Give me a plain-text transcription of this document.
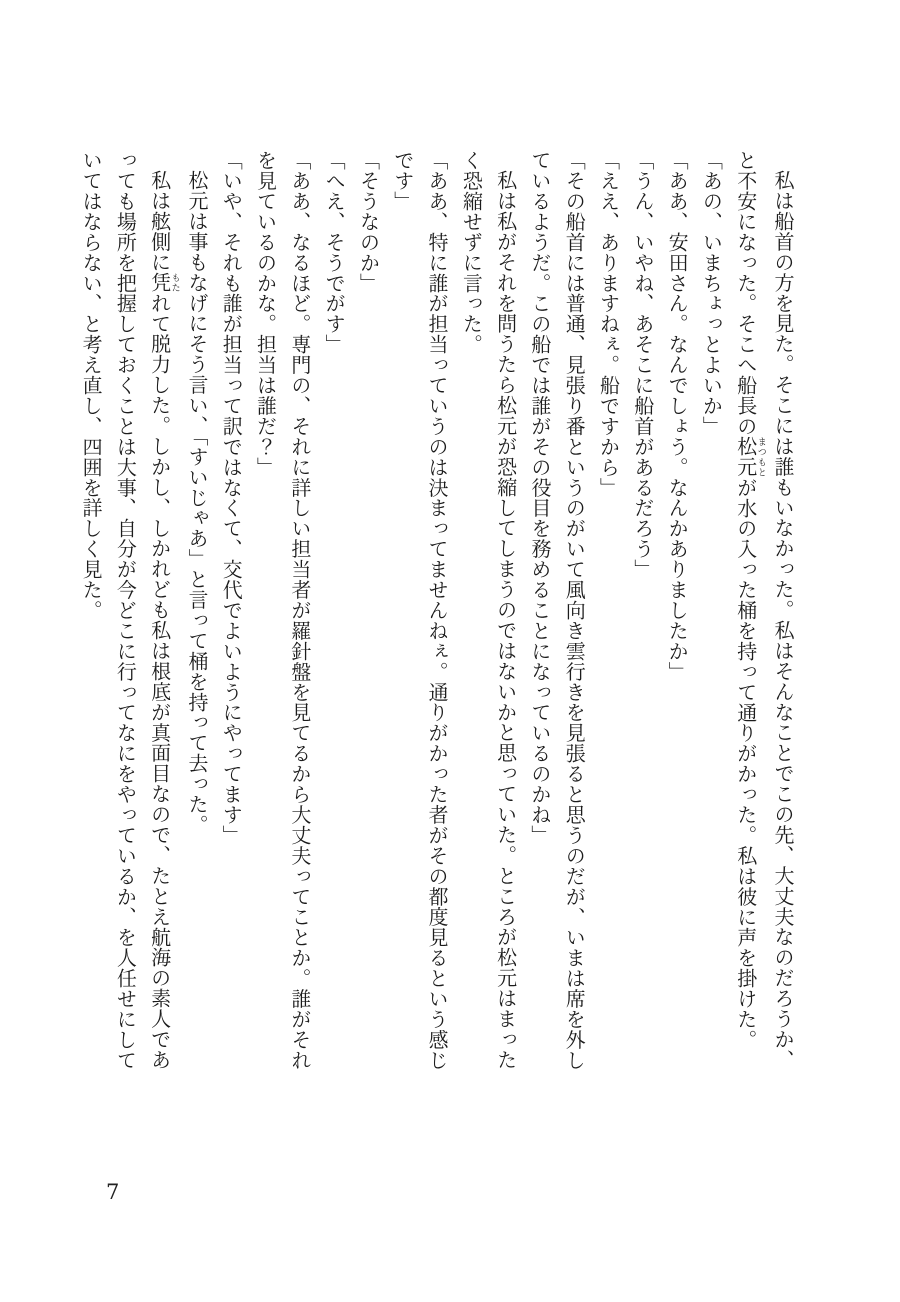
私は船首の方を見た。そこには誰もいなかった。私はそんなことでこの先、大丈夫なのだろうか、
と不安になった。そこへ船長の松元まつもとが水の入った桶を持って通りがかった。私は彼に声を掛けた。
「あの、いまちょっとよいか」
「ああ、安田さん。なんでしょう。なんかありましたか」
「うん、いやね、あそこに船首があるだろう」
「ええ、ありますねぇ。船ですから」
「その船首には普通、見張り番というのがいて風向き雲行きを見張ると思うのだが、いまは席を外し
ているようだ。この船では誰がその役目を務めることになっているのかね」
私は私がそれを問うたら松元が恐縮してしまうのではないかと思っていた。ところが松元はまった
く恐縮せずに言った。
「ああ、特に誰が担当っていうのは決まってませんねぇ。通りがかった者がその都度見るという感じ
です」
「そうなのか」
「へえ、そうでがす」
「ああ、なるほど。専門の、それに詳しい担当者が羅針盤を見てるから大丈夫ってことか。誰がそれ
を見ているのかな。担当は誰だ？」
「いや、それも誰が担当って訳ではなくて、交代でよいようにやってます」
松元は事もなげにそう言い、「すいじゃあ」と言って桶を持って去った。
私は舷側に凭もたれて脱力した。しかし、しかれども私は根底が真面目なので、たとえ航海の素人であ
っても場所を把握しておくことは大事、自分が今どこに行ってなにをやっているか、を人任せにして
いてはならない、と考え直し、四囲を詳しく見た。
7
